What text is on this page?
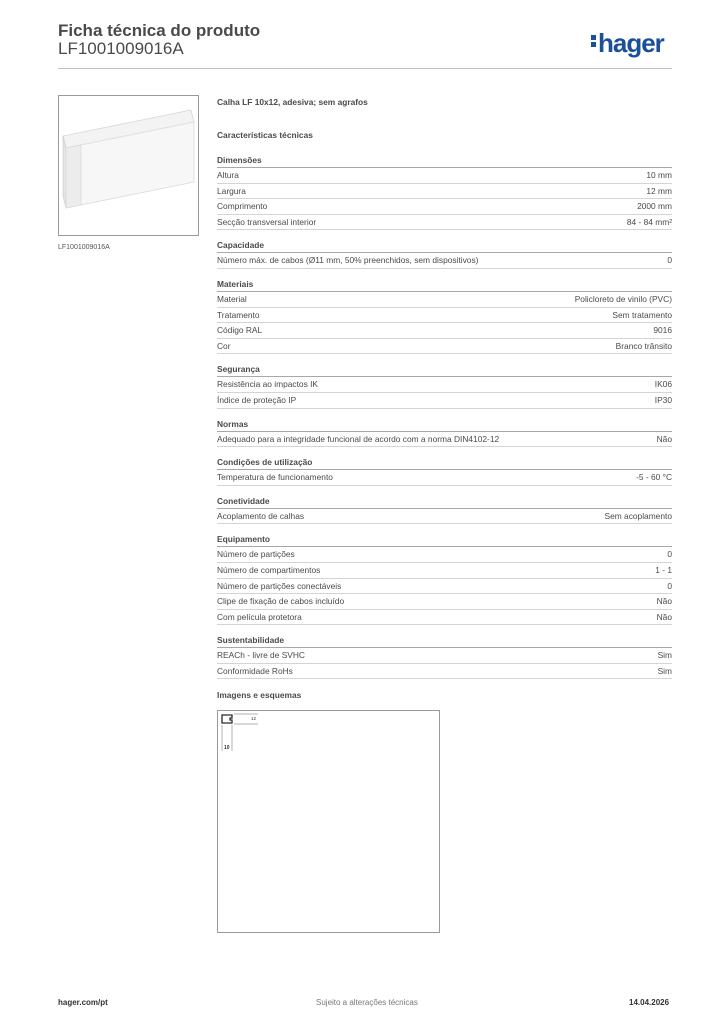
Ficha técnica do produto
LF1001009016A	hager
LF1001009016A
Calha LF 10x12, adesiva; sem agrafos
Características técnicas
Dimensões
Altura	10 mm
Largura	12 mm
Comprimento	2000 mm
Secção transversal interior	84 - 84 mm²
Capacidade
Número máx. de cabos (Ø11 mm, 50% preenchidos, sem dispositivos)	0
Materiais
Material	Policloreto de vinilo (PVC)
Tratamento	Sem tratamento
Código RAL	9016
Cor	Branco trânsito
Segurança
Resistência ao impactos IK	IK06
Índice de proteção IP	IP30
Normas
Adequado para a integridade funcional de acordo com a norma DIN4102-12	Não
Condições de utilização
Temperatura de funcionamento	-5 - 60 °C
Conetividade
Acoplamento de calhas	Sem acoplamento
Equipamento
Número de partições	0
Número de compartimentos	1 - 1
Número de partições conectáveis	0
Clipe de fixação de cabos incluído	Não
Com película protetora	Não
Sustentabilidade
REACh - livre de SVHC	Sim
Conformidade RoHs	Sim
Imagens e esquemas
12
10
hager.com/pt	Sujeito a alterações técnicas	14.04.2026
